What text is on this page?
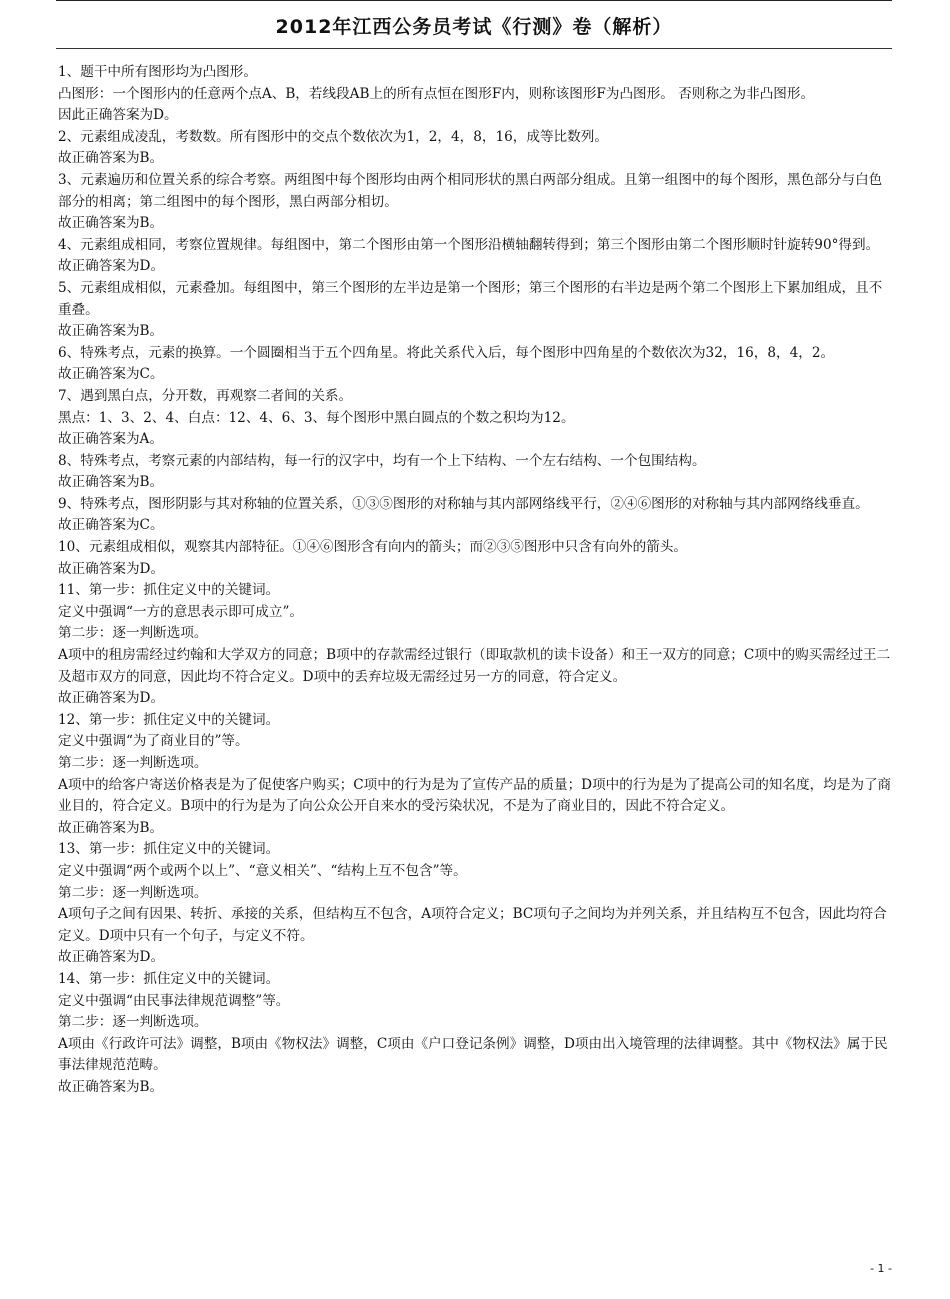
2012年江西公务员考试《行测》卷（解析）

1、题干中所有图形均为凸图形。

凸图形：一个图形内的任意两个点A、B，若线段AB上的所有点恒在图形F内，则称该图形F为凸图形。 否则称之为非凸图形。

因此正确答案为D。

2、元素组成凌乱，考数数。所有图形中的交点个数依次为1，2，4，8，16，成等比数列。

故正确答案为B。

3、元素遍历和位置关系的综合考察。两组图中每个图形均由两个相同形状的黑白两部分组成。且第一组图中的每个图形，黑色部分与白色部分的相离；第二组图中的每个图形，黑白两部分相切。

故正确答案为B。

4、元素组成相同，考察位置规律。每组图中，第二个图形由第一个图形沿横轴翻转得到；第三个图形由第二个图形顺时针旋转90°得到。

故正确答案为D。

5、元素组成相似，元素叠加。每组图中，第三个图形的左半边是第一个图形；第三个图形的右半边是两个第二个图形上下累加组成，且不重叠。

故正确答案为B。

6、特殊考点，元素的换算。一个圆圈相当于五个四角星。将此关系代入后，每个图形中四角星的个数依次为32，16，8，4，2。

故正确答案为C。

7、遇到黑白点，分开数，再观察二者间的关系。

黑点：1、3、2、4、白点：12、4、6、3、每个图形中黑白圆点的个数之积均为12。

故正确答案为A。

8、特殊考点，考察元素的内部结构，每一行的汉字中，均有一个上下结构、一个左右结构、一个包围结构。

故正确答案为B。

9、特殊考点，图形阴影与其对称轴的位置关系，①③⑤图形的对称轴与其内部网络线平行，②④⑥图形的对称轴与其内部网络线垂直。

故正确答案为C。

10、元素组成相似，观察其内部特征。①④⑥图形含有向内的箭头；而②③⑤图形中只含有向外的箭头。

故正确答案为D。

11、第一步：抓住定义中的关键词。

定义中强调“一方的意思表示即可成立”。

第二步：逐一判断选项。

A项中的租房需经过约翰和大学双方的同意；B项中的存款需经过银行（即取款机的读卡设备）和王一双方的同意；C项中的购买需经过王二及超市双方的同意，因此均不符合定义。D项中的丢弃垃圾无需经过另一方的同意，符合定义。

故正确答案为D。

12、第一步：抓住定义中的关键词。

定义中强调“为了商业目的”等。

第二步：逐一判断选项。

A项中的给客户寄送价格表是为了促使客户购买；C项中的行为是为了宣传产品的质量；D项中的行为是为了提高公司的知名度，均是为了商业目的，符合定义。B项中的行为是为了向公众公开自来水的受污染状况，不是为了商业目的，因此不符合定义。

故正确答案为B。

13、第一步：抓住定义中的关键词。

定义中强调“两个或两个以上”、“意义相关”、“结构上互不包含”等。

第二步：逐一判断选项。

A项句子之间有因果、转折、承接的关系，但结构互不包含，A项符合定义；BC项句子之间均为并列关系，并且结构互不包含，因此均符合定义。D项中只有一个句子，与定义不符。

故正确答案为D。

14、第一步：抓住定义中的关键词。

定义中强调“由民事法律规范调整”等。

第二步：逐一判断选项。

A项由《行政许可法》调整，B项由《物权法》调整，C项由《户口登记条例》调整，D项由出入境管理的法律调整。其中《物权法》属于民事法律规范范畴。

故正确答案为B。

- 1 -
